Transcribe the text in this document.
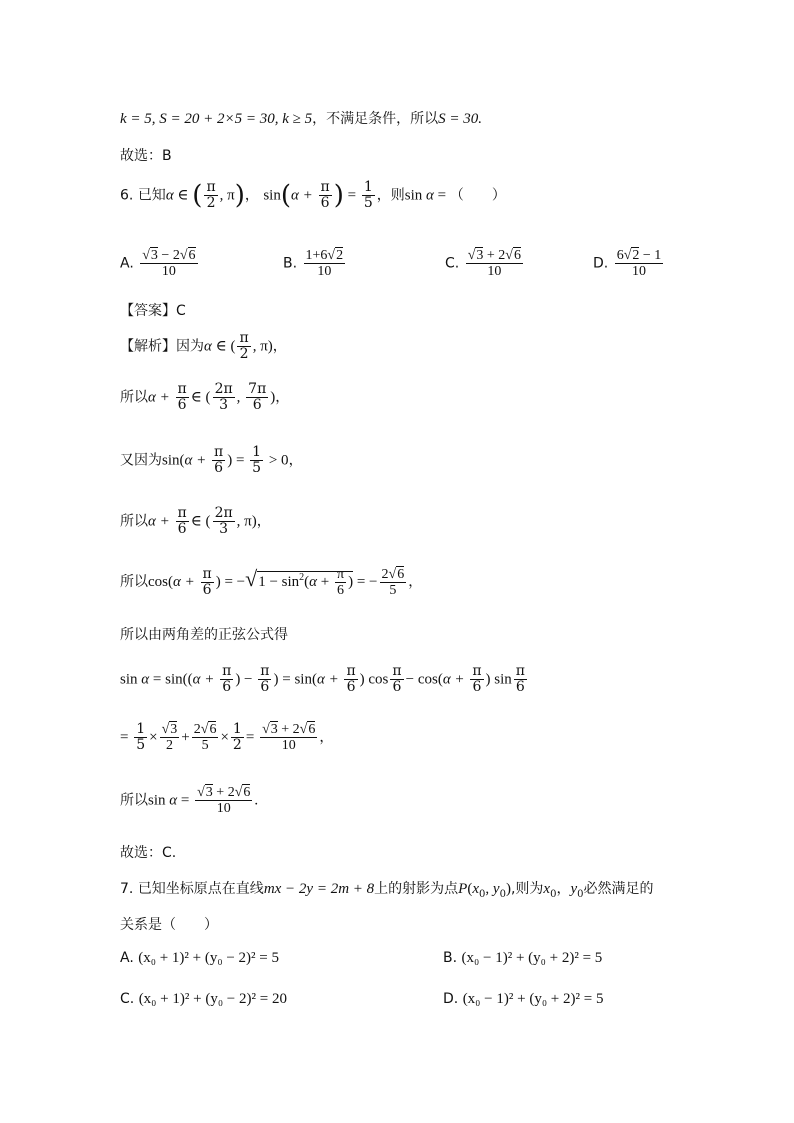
k = 5, S = 20 + 2×5 = 30, k ≥ 5，不满足条件，所以S = 30.
故选：B
6. 已知α ∈ ( $\frac{\pi}{2}$ , π)， $\sin(\alpha + \frac{\pi}{6}$ ) = $\frac{1}{5}$ ，则sin α = （　　）
A. $\frac{√3 - 2√6}{10}$	B. $\frac{1+6√2}{10}$	C. $\frac{√3 + 2√6}{10}$	D. $\frac{6√2 - 1}{10}$
【答案】C
【解析】因为α ∈ ( $\frac{\pi}{2}$ , π)，
所以$\alpha + \frac{\pi}{6}$ ∈ ( $\frac{2\pi}{3}$ , $\frac{7\pi}{6}$ )，
又因为$\sin(\alpha + \frac{\pi}{6}$ ) = $\frac{1}{5} > 0$，
所以$\alpha + \frac{\pi}{6}$ ∈ ( $\frac{2\pi}{3}$ , π)，
所以$\cos(\alpha + \frac{\pi}{6}$ ) = $-√1 - \sin^2(\alpha + \frac{\pi}{6}$ ) = − $\frac{2√6}{5}$ ，
所以由两角差的正弦公式得
$\sin \alpha = \sin((\alpha + \frac{\pi}{6}$ ) − $\frac{\pi}{6}$ ) = $\sin(\alpha + \frac{\pi}{6}$ ) $\cos \frac{\pi}{6} - \cos(\alpha + \frac{\pi}{6}$ ) $\sin \frac{\pi}{6}$
= $\frac{1}{5} \times \frac{√3}{2} + \frac{2√6}{5} \times \frac{1}{2} = \frac{√3 + 2√6}{10}$ ，
所以$\sin \alpha = \frac{√3 + 2√6}{10}$ .
故选：C.
7. 已知坐标原点在直线mx − 2y = 2m + 8上的射影为点$P(x_0$, $y_0$),则为$x_0$，$y_0$必然满足的
关系是（　　）
A. (x₀ + 1)² + (y₀ − 2)² = 5	B. (x₀ − 1)² + (y₀ + 2)² = 5
C. (x₀ + 1)² + (y₀ − 2)² = 20	D. (x₀ − 1)² + (y₀ + 2)² = 5
